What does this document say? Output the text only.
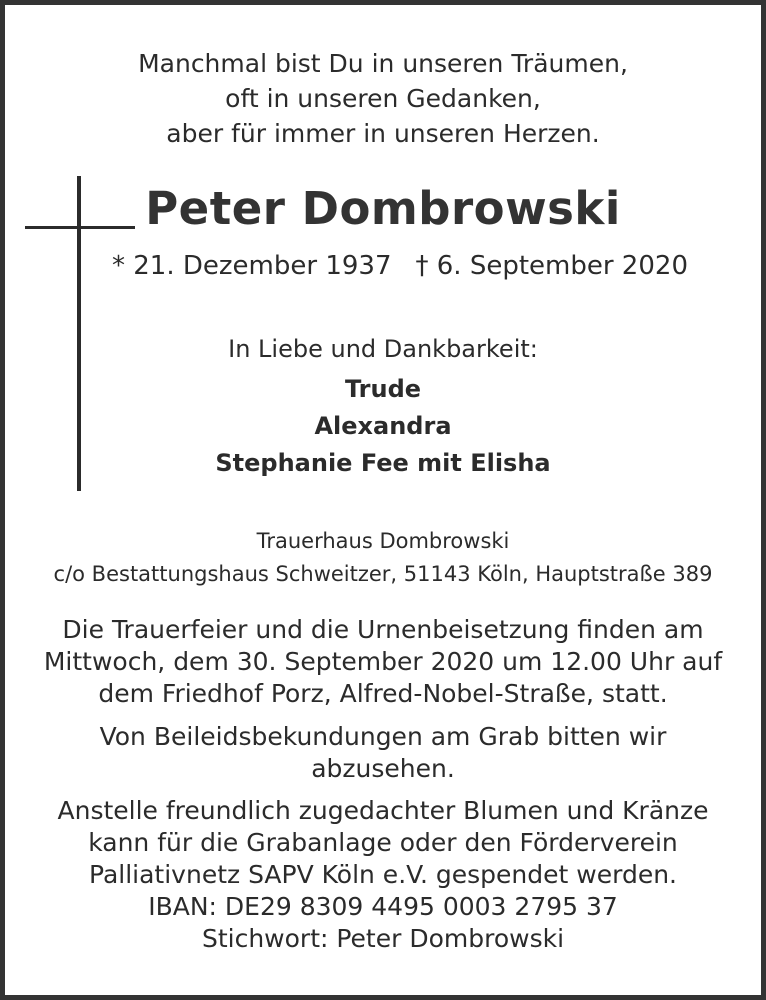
Manchmal bist Du in unseren Träumen,
oft in unseren Gedanken,
aber für immer in unseren Herzen.
Peter Dombrowski
* 21. Dezember 1937 † 6. September 2020
In Liebe und Dankbarkeit:
Trude
Alexandra
Stephanie Fee mit Elisha
Trauerhaus Dombrowski
c/o Bestattungshaus Schweitzer, 51143 Köln, Hauptstraße 389
Die Trauerfeier und die Urnenbeisetzung finden am
Mittwoch, dem 30. September 2020 um 12.00 Uhr auf
dem Friedhof Porz, Alfred-Nobel-Straße, statt.
Von Beileidsbekundungen am Grab bitten wir
abzusehen.
Anstelle freundlich zugedachter Blumen und Kränze
kann für die Grabanlage oder den Förderverein
Palliativnetz SAPV Köln e.V. gespendet werden.
IBAN: DE29 8309 4495 0003 2795 37
Stichwort: Peter Dombrowski
